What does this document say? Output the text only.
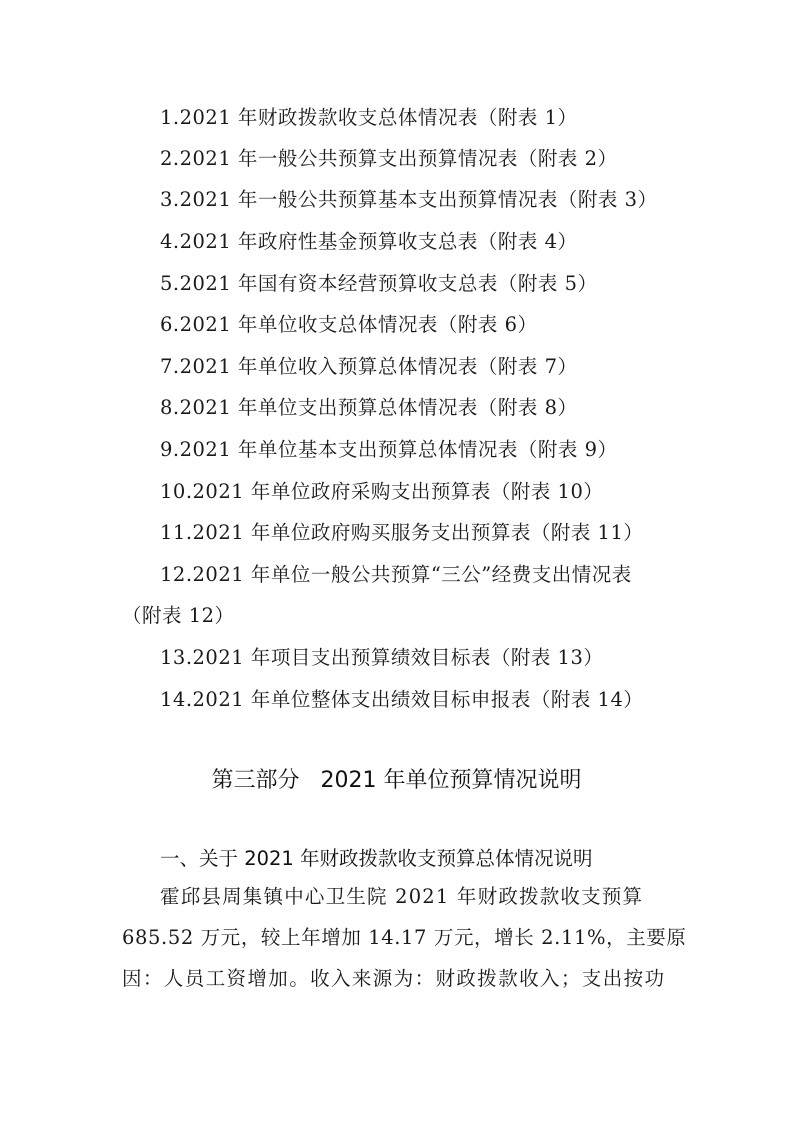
1.2021 年财政拨款收支总体情况表（附表 1）
2.2021 年一般公共预算支出预算情况表（附表 2）
3.2021 年一般公共预算基本支出预算情况表（附表 3）
4.2021 年政府性基金预算收支总表（附表 4）
5.2021 年国有资本经营预算收支总表（附表 5）
6.2021 年单位收支总体情况表（附表 6）
7.2021 年单位收入预算总体情况表（附表 7）
8.2021 年单位支出预算总体情况表（附表 8）
9.2021 年单位基本支出预算总体情况表（附表 9）
10.2021 年单位政府采购支出预算表（附表 10）
11.2021 年单位政府购买服务支出预算表（附表 11）
12.2021 年单位一般公共预算“三公”经费支出情况表
（附表 12）
13.2021 年项目支出预算绩效目标表（附表 13）
14.2021 年单位整体支出绩效目标申报表（附表 14）
第三部分   2021 年单位预算情况说明
一、关于 2021 年财政拨款收支预算总体情况说明
霍邱县周集镇中心卫生院 2021 年财政拨款收支预算
685.52 万元，较上年增加 14.17 万元，增长 2.11%，主要原
因：人员工资增加。收入来源为：财政拨款收入；支出按功
